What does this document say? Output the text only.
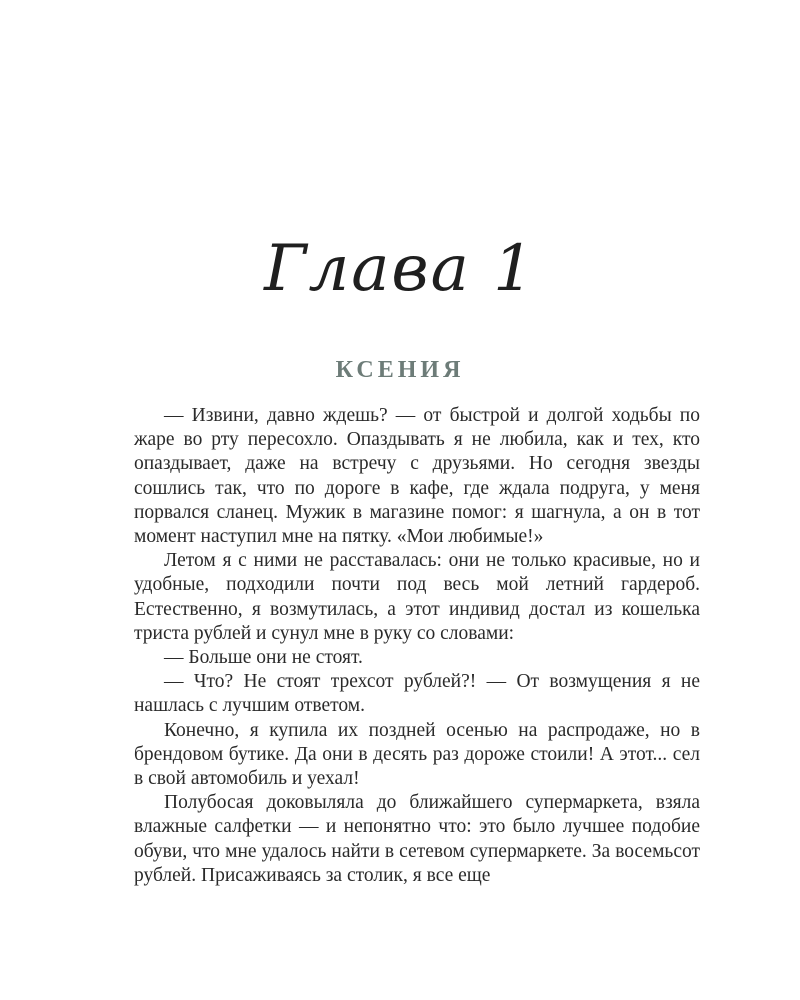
Глава 1
КСЕНИЯ

— Извини, давно ждешь? — от быстрой и долгой ходьбы по жаре во рту пересохло. Опаздывать я не любила, как и тех, кто опаздывает, даже на встречу с друзьями. Но сегодня звезды сошлись так, что по дороге в кафе, где ждала подруга, у меня порвался сланец. Мужик в магазине помог: я шагнула, а он в тот момент наступил мне на пятку. «Мои любимые!»

Летом я с ними не расставалась: они не только красивые, но и удобные, подходили почти под весь мой летний гардероб. Естественно, я возмутилась, а этот индивид достал из кошелька триста рублей и сунул мне в руку со словами:

— Больше они не стоят.

— Что? Не стоят трехсот рублей?! — От возмущения я не нашлась с лучшим ответом.

Конечно, я купила их поздней осенью на распродаже, но в брендовом бутике. Да они в десять раз дороже стоили! А этот... сел в свой автомобиль и уехал!

Полубосая доковыляла до ближайшего супермаркета, взяла влажные салфетки — и непонятно что: это было лучшее подобие обуви, что мне удалось найти в сетевом супермаркете. За восемьсот рублей. Присаживаясь за столик, я все еще
